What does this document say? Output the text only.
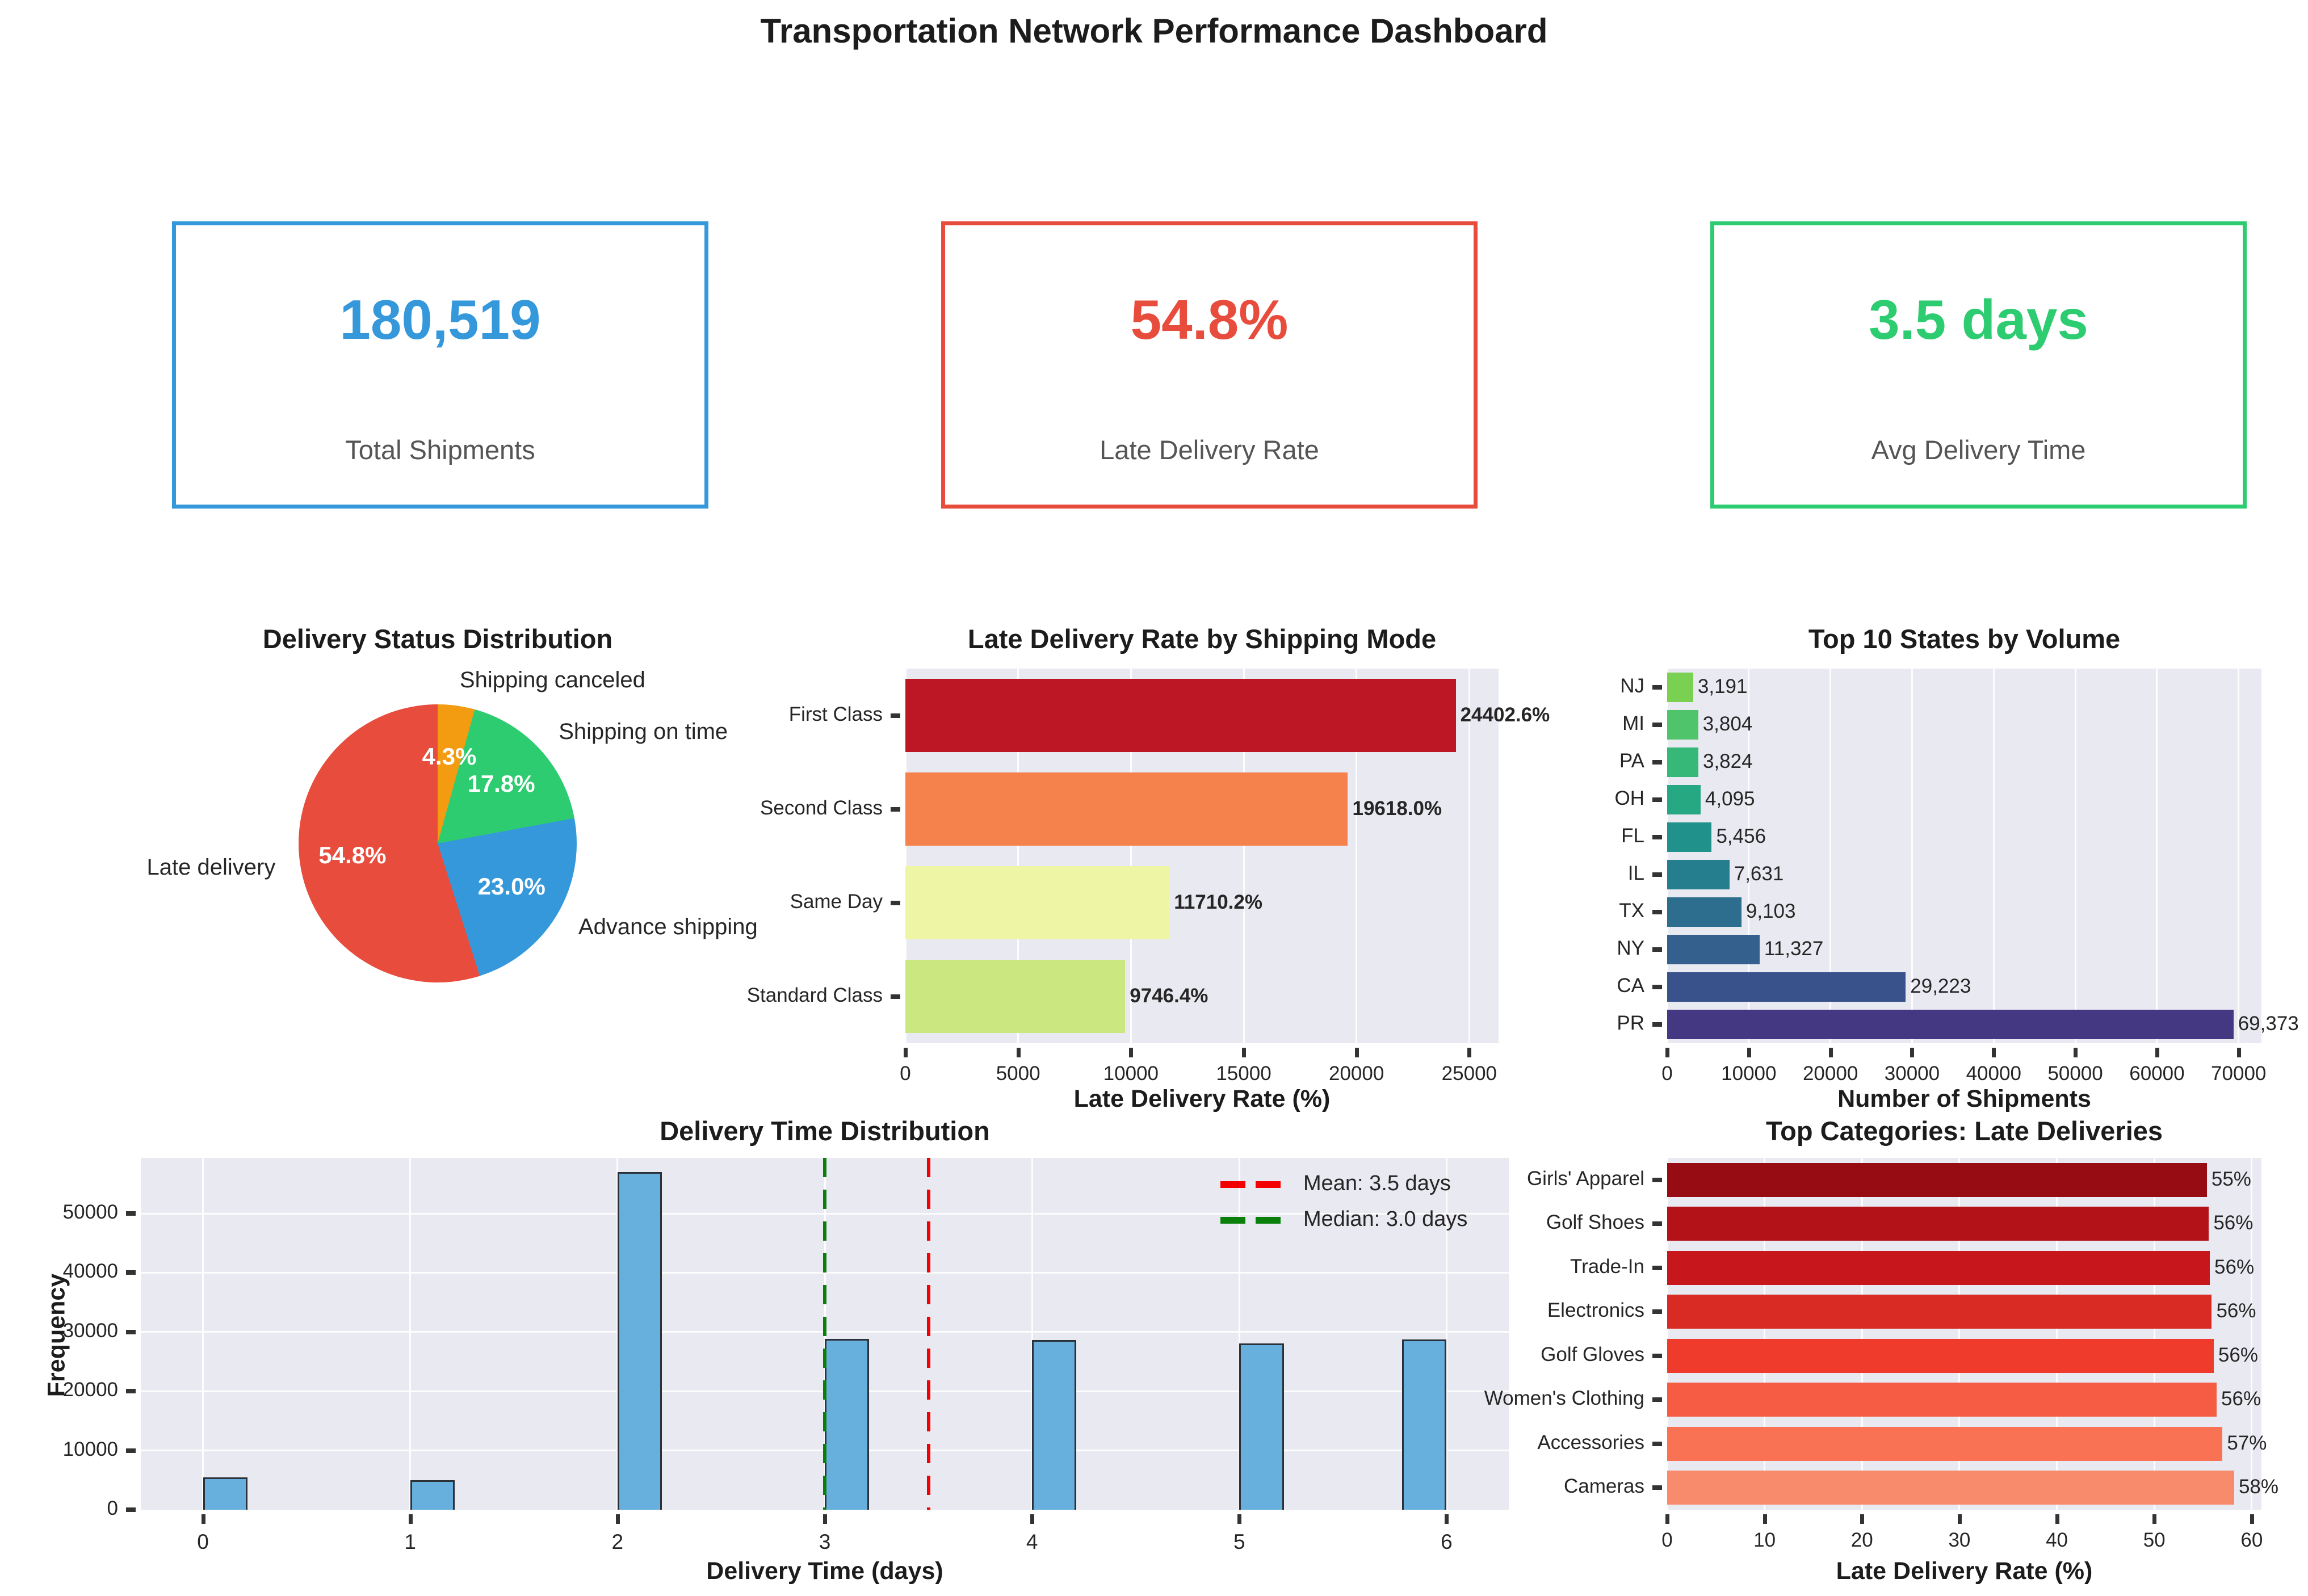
Transportation Network Performance Dashboard
180,519
Total Shipments
54.8%
Late Delivery Rate
3.5 days
Avg Delivery Time
Delivery Status Distribution
4.3%
Shipping canceled
17.8%
Shipping on time
23.0%
Advance shipping
54.8%
Late delivery
Late Delivery Rate by Shipping Mode
0	5000	10000	15000	20000	25000
First Class	24402.6%
Second Class	19618.0%
Same Day	11710.2%
Standard Class	9746.4%
Late Delivery Rate (%)
Top 10 States by Volume
0	10000	20000	30000	40000	50000	60000	70000
NJ	3,191
MI	3,804
PA	3,824
OH	4,095
FL	5,456
IL	7,631
TX	9,103
NY	11,327
CA	29,223
PR	69,373
Number of Shipments
Delivery Time Distribution
0
10000
20000
30000
40000
50000
0	1	2	3	4	5	6
Mean: 3.5 days
Median: 3.0 days
Frequency
Delivery Time (days)
Top Categories: Late Deliveries
0	10	20	30	40	50	60
Girls' Apparel	55%
Golf Shoes	56%
Trade-In	56%
Electronics	56%
Golf Gloves	56%
Women's Clothing	56%
Accessories	57%
Cameras	58%
Late Delivery Rate (%)
